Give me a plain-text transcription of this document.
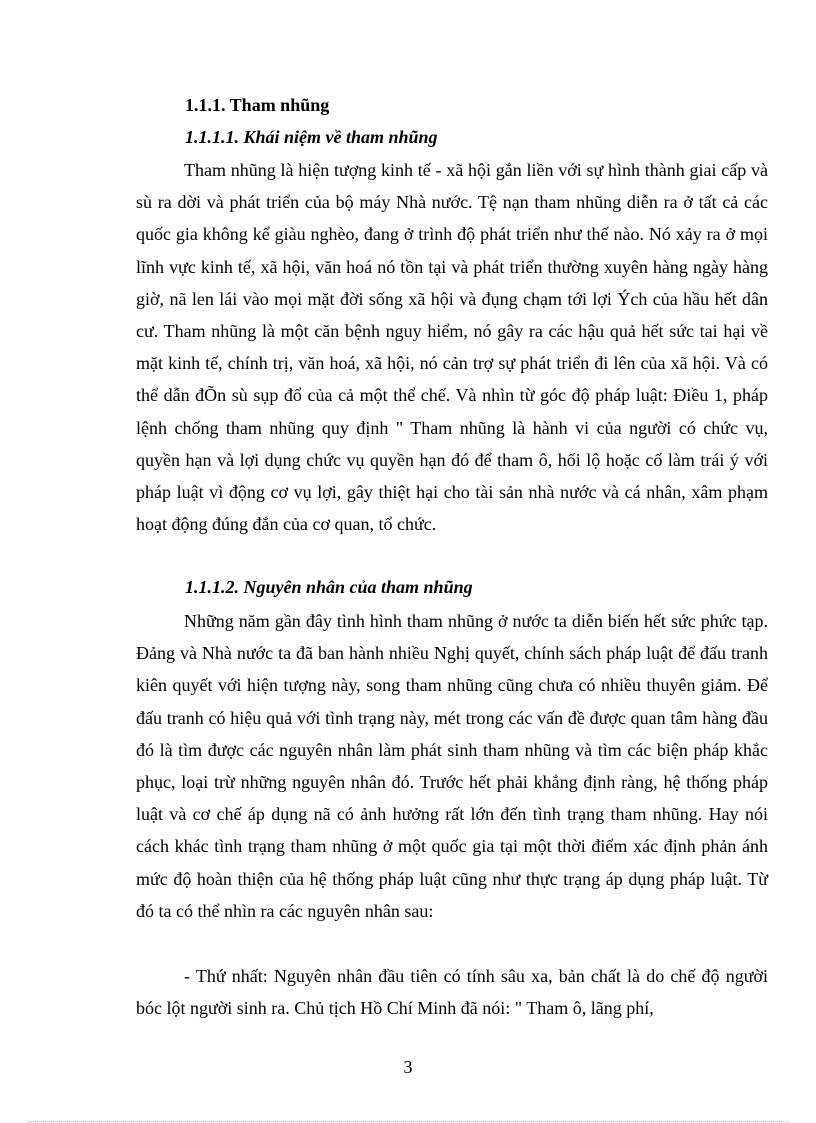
1.1.1. Tham nhũng

1.1.1.1. Khái niệm về tham nhũng

Tham nhũng là hiện tượng kinh tế - xã hội gắn liền với sự hình thành giai cấp và sù ra dời và phát triển của bộ máy Nhà nước. Tệ nạn tham nhũng diễn ra ở tất cả các quốc gia không kể giàu nghèo, đang ở trình độ phát triển như thế nào. Nó xảy ra ở mọi lĩnh vực kinh tế, xã hội, văn hoá nó tồn tại và phát triển thường xuyên hàng ngày hàng giờ, nã len lái vào mọi mặt đời sống xã hội và đụng chạm tới lợi Ých của hầu hết dân cư. Tham nhũng là một căn bệnh nguy hiểm, nó gây ra các hậu quả hết sức tai hại về mặt kinh tế, chính trị, văn hoá, xã hội, nó cản trợ sự phát triển đi lên của xã hội. Và có thể dẫn đÕn sù sụp đổ của cả một thể chế. Và nhìn từ góc độ pháp luật: Điều 1, pháp lệnh chống tham nhũng quy định " Tham nhũng là hành vi của người có chức vụ, quyền hạn và lợi dụng chức vụ quyền hạn đó để tham ô, hối lộ hoặc cố làm trái ý với pháp luật vì động cơ vụ lợi, gây thiệt hại cho tài sản nhà nước và cá nhân, xâm phạm hoạt động đúng đắn của cơ quan, tổ chức.

1.1.1.2. Nguyên nhân của tham nhũng

Những năm gần đây tình hình tham nhũng ở nước ta diễn biến hết sức phức tạp. Đảng và Nhà nước ta đã ban hành nhiều Nghị quyết, chính sách pháp luật để đấu tranh kiên quyết với hiện tượng này, song tham nhũng cũng chưa có nhiều thuyên giảm. Để đấu tranh có hiệu quả với tình trạng này, mét trong các vấn đề được quan tâm hàng đầu đó là tìm được các nguyên nhân làm phát sinh tham nhũng và tìm các biện pháp khắc phục, loại trừ những nguyên nhân đó. Trước hết phải khẳng định ràng, hệ thống pháp luật và cơ chế áp dụng nã có ảnh hưởng rất lớn đến tình trạng tham nhũng. Hay nói cách khác tình trạng tham nhũng ở một quốc gia tại một thời điểm xác định phản ánh mức độ hoàn thiện của hệ thống pháp luật cũng như thực trạng áp dụng pháp luật. Từ đó ta có thể nhìn ra các nguyên nhân sau:

- Thứ nhất: Nguyên nhân đầu tiên có tính sâu xa, bản chất là do chế độ người bóc lột người sinh ra. Chủ tịch Hồ Chí Minh đã nói: " Tham ô, lãng phí,

3
